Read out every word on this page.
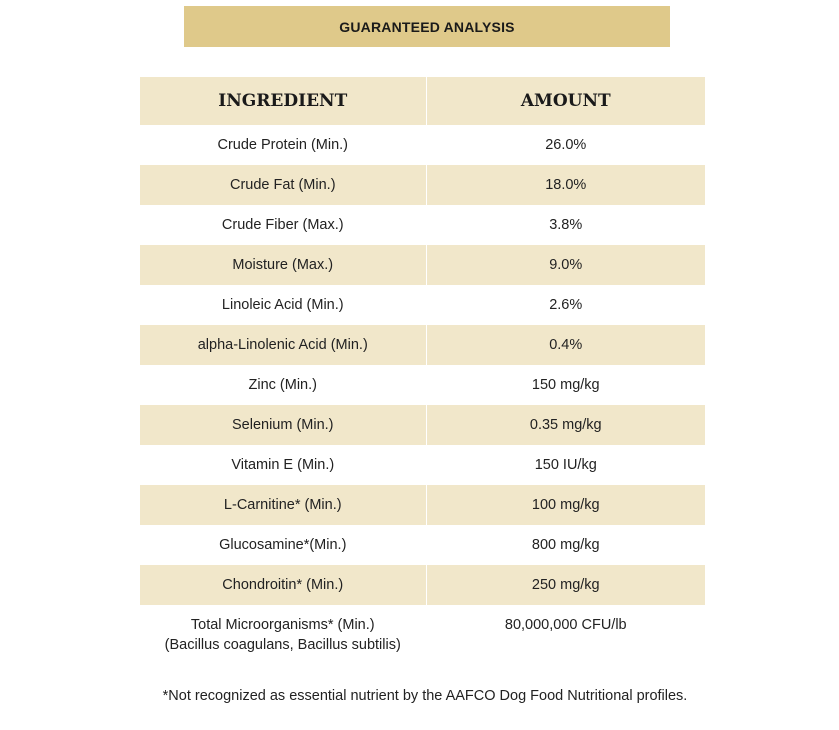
GUARANTEED ANALYSIS
INGREDIENT	AMOUNT
Crude Protein (Min.)	26.0%
Crude Fat (Min.)	18.0%
Crude Fiber (Max.)	3.8%
Moisture (Max.)	9.0%
Linoleic Acid (Min.)	2.6%
alpha-Linolenic Acid (Min.)	0.4%
Zinc (Min.)	150 mg/kg
Selenium (Min.)	0.35 mg/kg
Vitamin E (Min.)	150 IU/kg
L-Carnitine* (Min.)	100 mg/kg
Glucosamine*(Min.)	800 mg/kg
Chondroitin* (Min.)	250 mg/kg

Total Microorganisms* (Min.)
(Bacillus coagulans, Bacillus subtilis)	80,000,000 CFU/lb
*Not recognized as essential nutrient by the AAFCO Dog Food Nutritional profiles.
